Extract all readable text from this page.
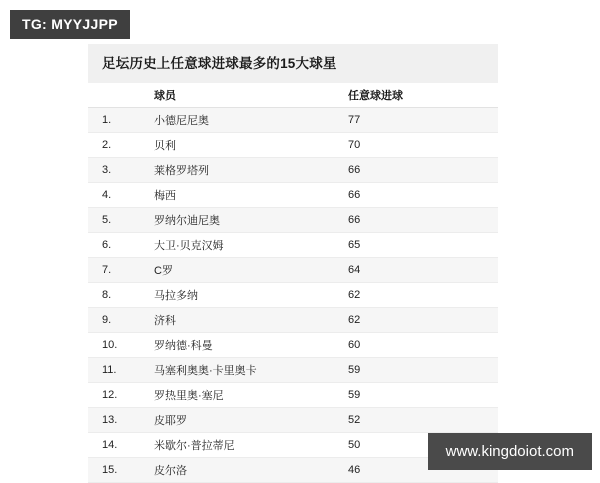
TG: MYYJJPP
足坛历史上任意球进球最多的15大球星
	球员	任意球进球
1.	小德尼尼奥	77
2.	贝利	70
3.	莱格罗塔列	66
4.	梅西	66
5.	罗纳尔迪尼奥	66
6.	大卫·贝克汉姆	65
7.	C罗	64
8.	马拉多纳	62
9.	济科	62
10.	罗纳德·科曼	60
11.	马塞利奥奥·卡里奥卡	59
12.	罗热里奥·塞尼	59
13.	皮耶罗	52
14.	米歇尔·普拉蒂尼	50
15.	皮尔洛	46
www.kingdoiot.com
